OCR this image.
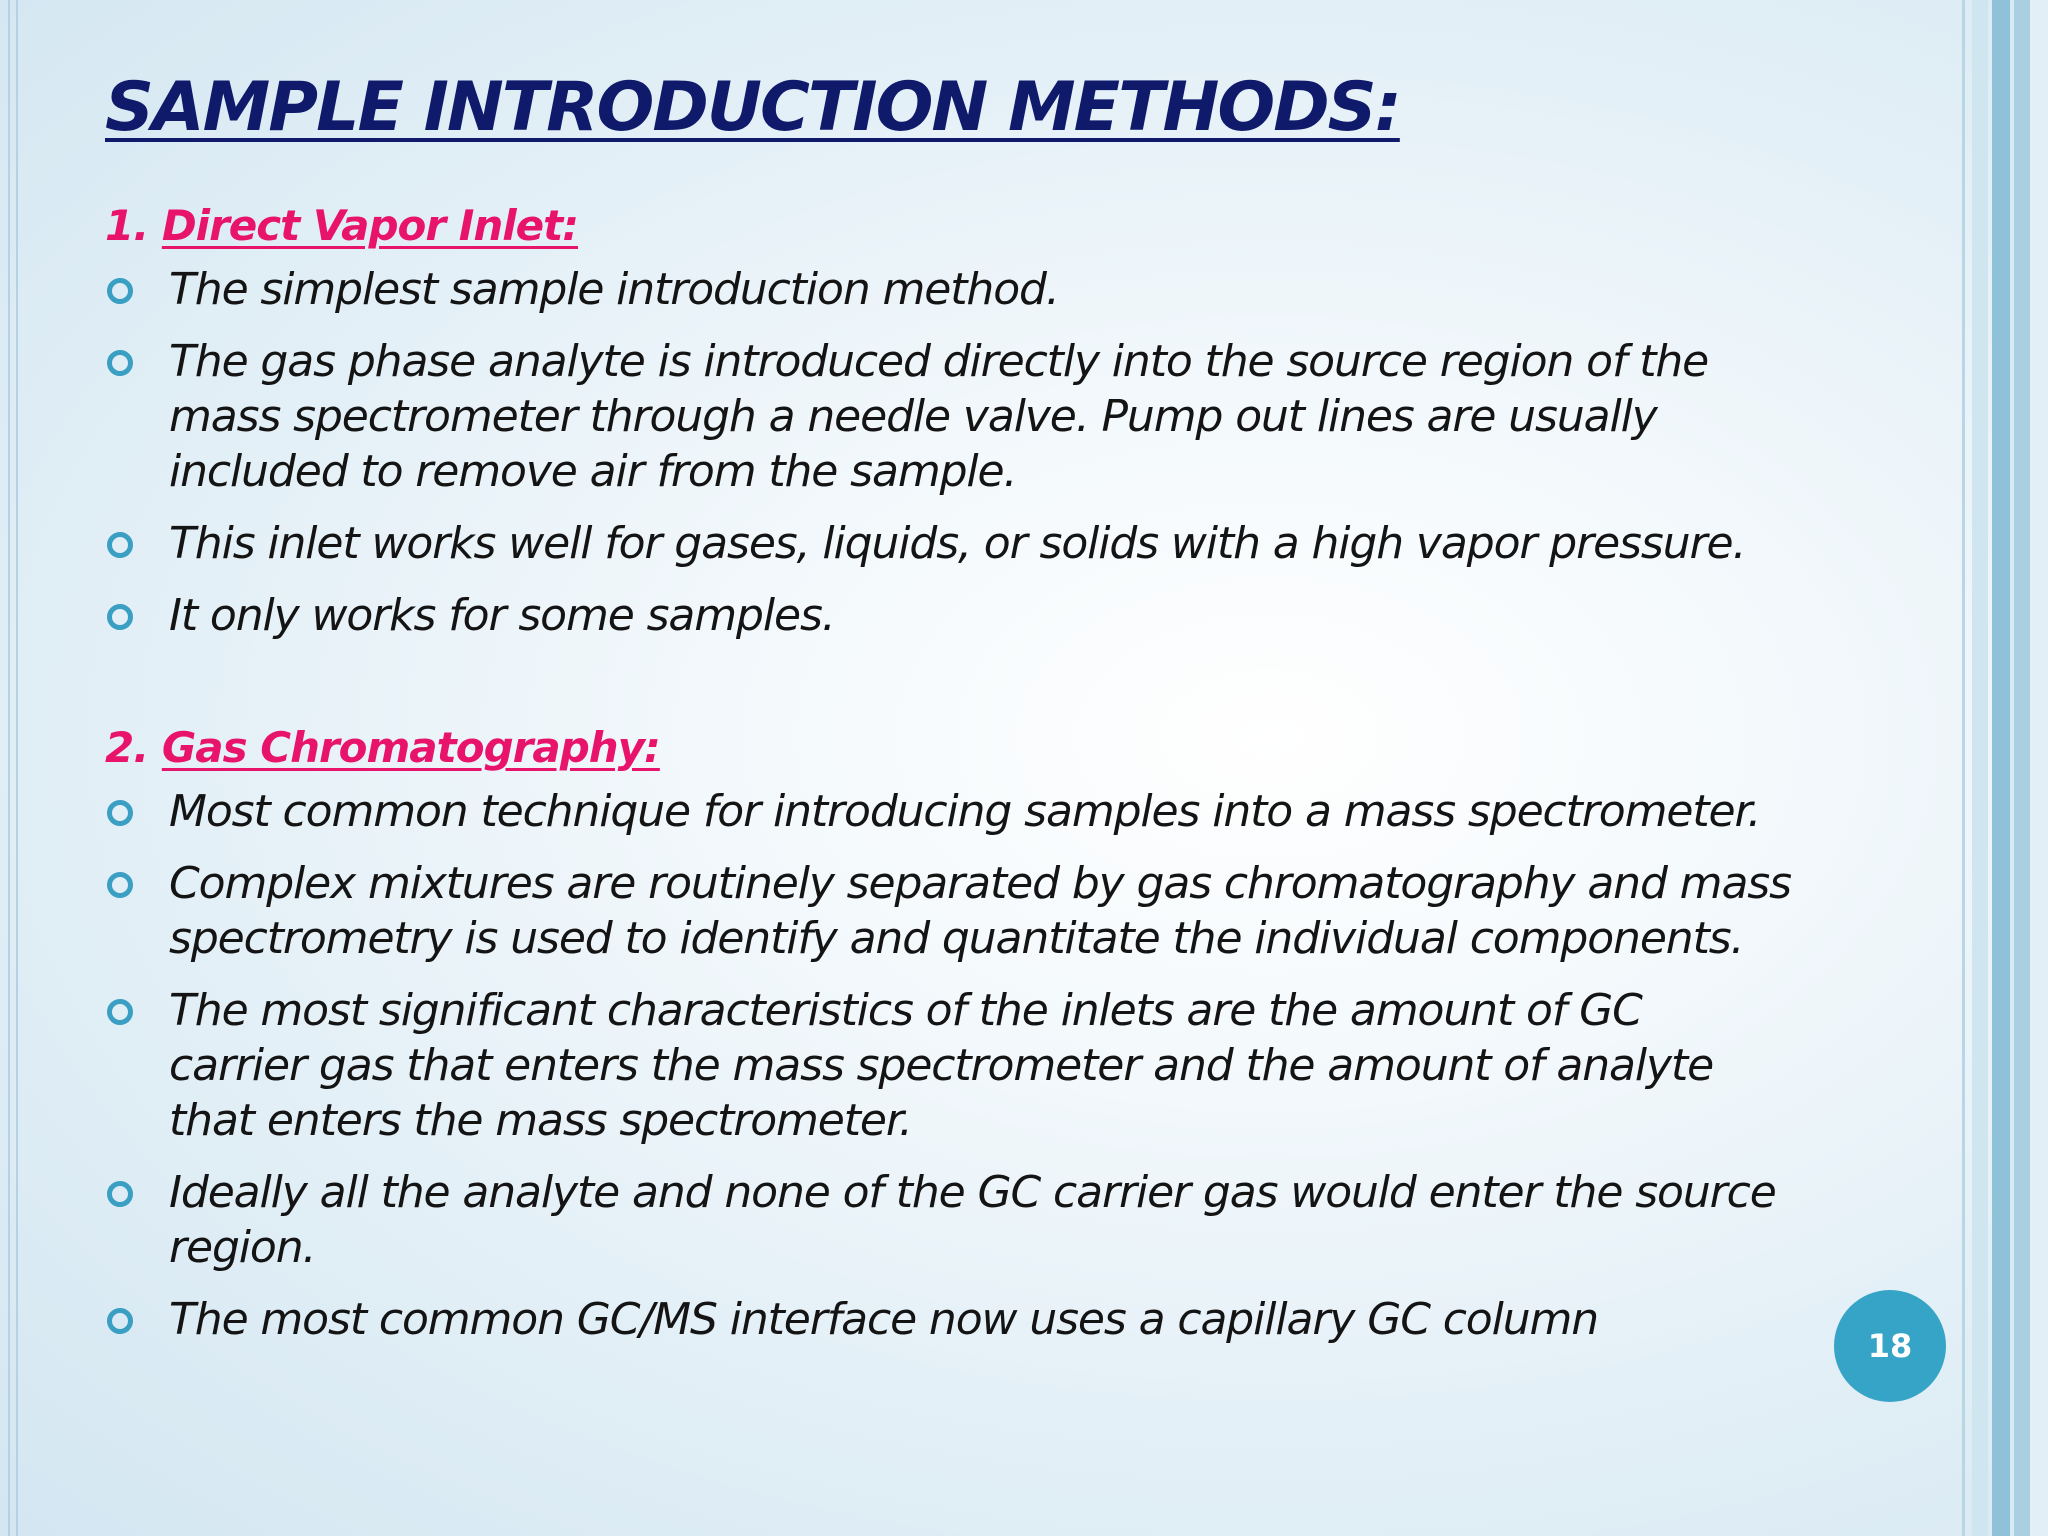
SAMPLE INTRODUCTION METHODS:
1. Direct Vapor Inlet:
The simplest sample introduction method.
The gas phase analyte is introduced directly into the source region of the
mass spectrometer through a needle valve. Pump out lines are usually
included to remove air from the sample.
This inlet works well for gases, liquids, or solids with a high vapor pressure.
It only works for some samples.
2. Gas Chromatography:
Most common technique for introducing samples into a mass spectrometer.
Complex mixtures are routinely separated by gas chromatography and mass
spectrometry is used to identify and quantitate the individual components.
The most significant characteristics of the inlets are the amount of GC
carrier gas that enters the mass spectrometer and the amount of analyte
that enters the mass spectrometer.
Ideally all the analyte and none of the GC carrier gas would enter the source
region.
The most common GC/MS interface now uses a capillary GC column
18
